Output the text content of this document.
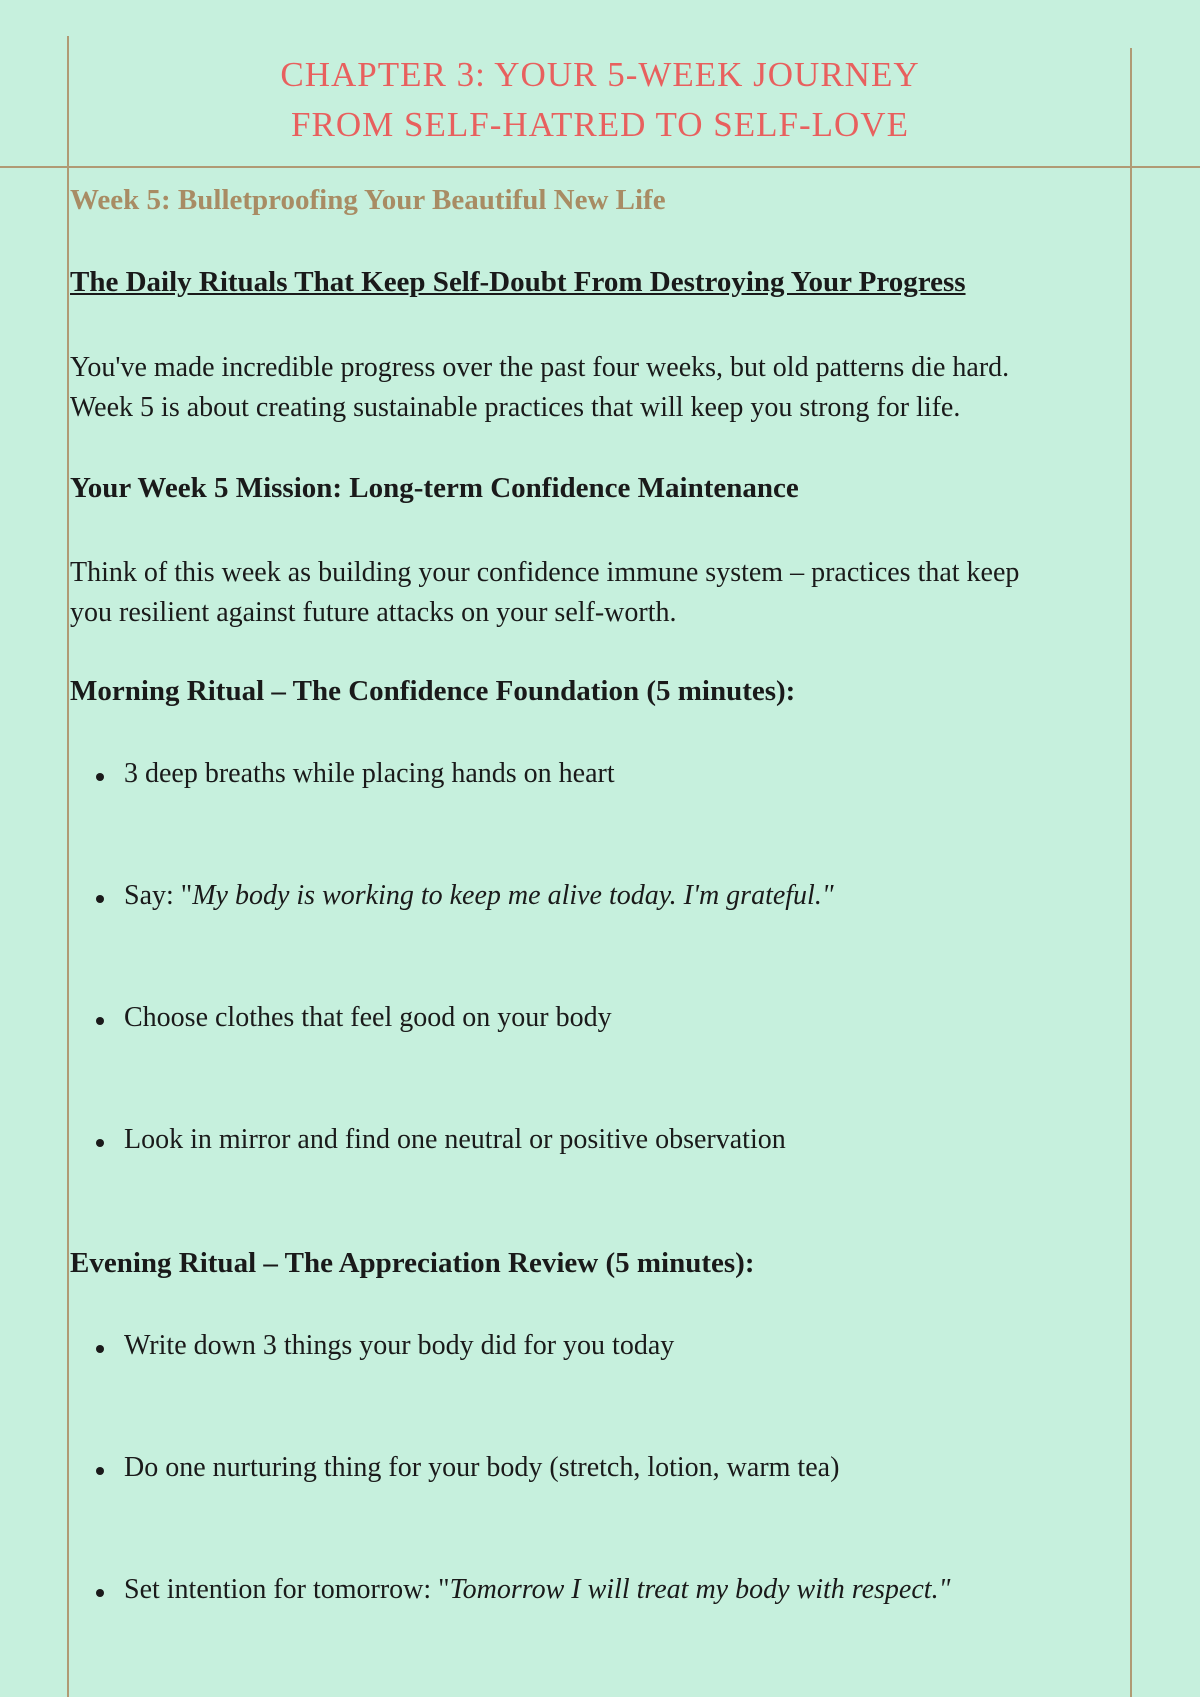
CHAPTER 3: YOUR 5-WEEK JOURNEY
FROM SELF-HATRED TO SELF-LOVE
Week 5: Bulletproofing Your Beautiful New Life
The Daily Rituals That Keep Self-Doubt From Destroying Your Progress
You've made incredible progress over the past four weeks, but old patterns die hard.
Week 5 is about creating sustainable practices that will keep you strong for life.
Your Week 5 Mission: Long-term Confidence Maintenance
Think of this week as building your confidence immune system – practices that keep
you resilient against future attacks on your self-worth.
Morning Ritual – The Confidence Foundation (5 minutes):
3 deep breaths while placing hands on heart
Say: "My body is working to keep me alive today. I'm grateful."
Choose clothes that feel good on your body
Look in mirror and find one neutral or positive observation
Evening Ritual – The Appreciation Review (5 minutes):
Write down 3 things your body did for you today
Do one nurturing thing for your body (stretch, lotion, warm tea)
Set intention for tomorrow: "Tomorrow I will treat my body with respect."
